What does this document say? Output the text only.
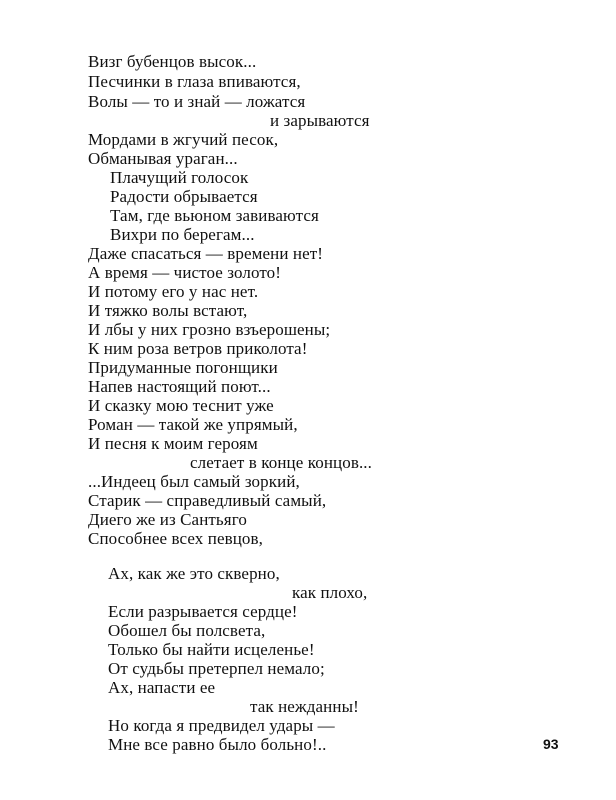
Визг бубенцов высок...
Песчинки в глаза впиваются,
Волы — то и знай — ложатся
и зарываются
Мордами в жгучий песок,
Обманывая ураган...
Плачущий голосок
Радости обрывается
Там, где вьюном завиваются
Вихри по берегам...
Даже спасаться — времени нет!
А время — чистое золото!
И потому его у нас нет.
И тяжко волы встают,
И лбы у них грозно взъерошены;
К ним роза ветров приколота!
Придуманные погонщики
Напев настоящий поют...
И сказку мою теснит уже
Роман — такой же упрямый,
И песня к моим героям
слетает в конце концов...
...Индеец был самый зоркий,
Старик — справедливый самый,
Диего же из Сантьяго
Способнее всех певцов,
Ах, как же это скверно,
как плохо,
Если разрывается сердце!
Обошел бы полсвета,
Только бы найти исцеленье!
От судьбы претерпел немало;
Ах, напасти ее
так нежданны!
Но когда я предвидел удары —
Мне все равно было больно!..	93
